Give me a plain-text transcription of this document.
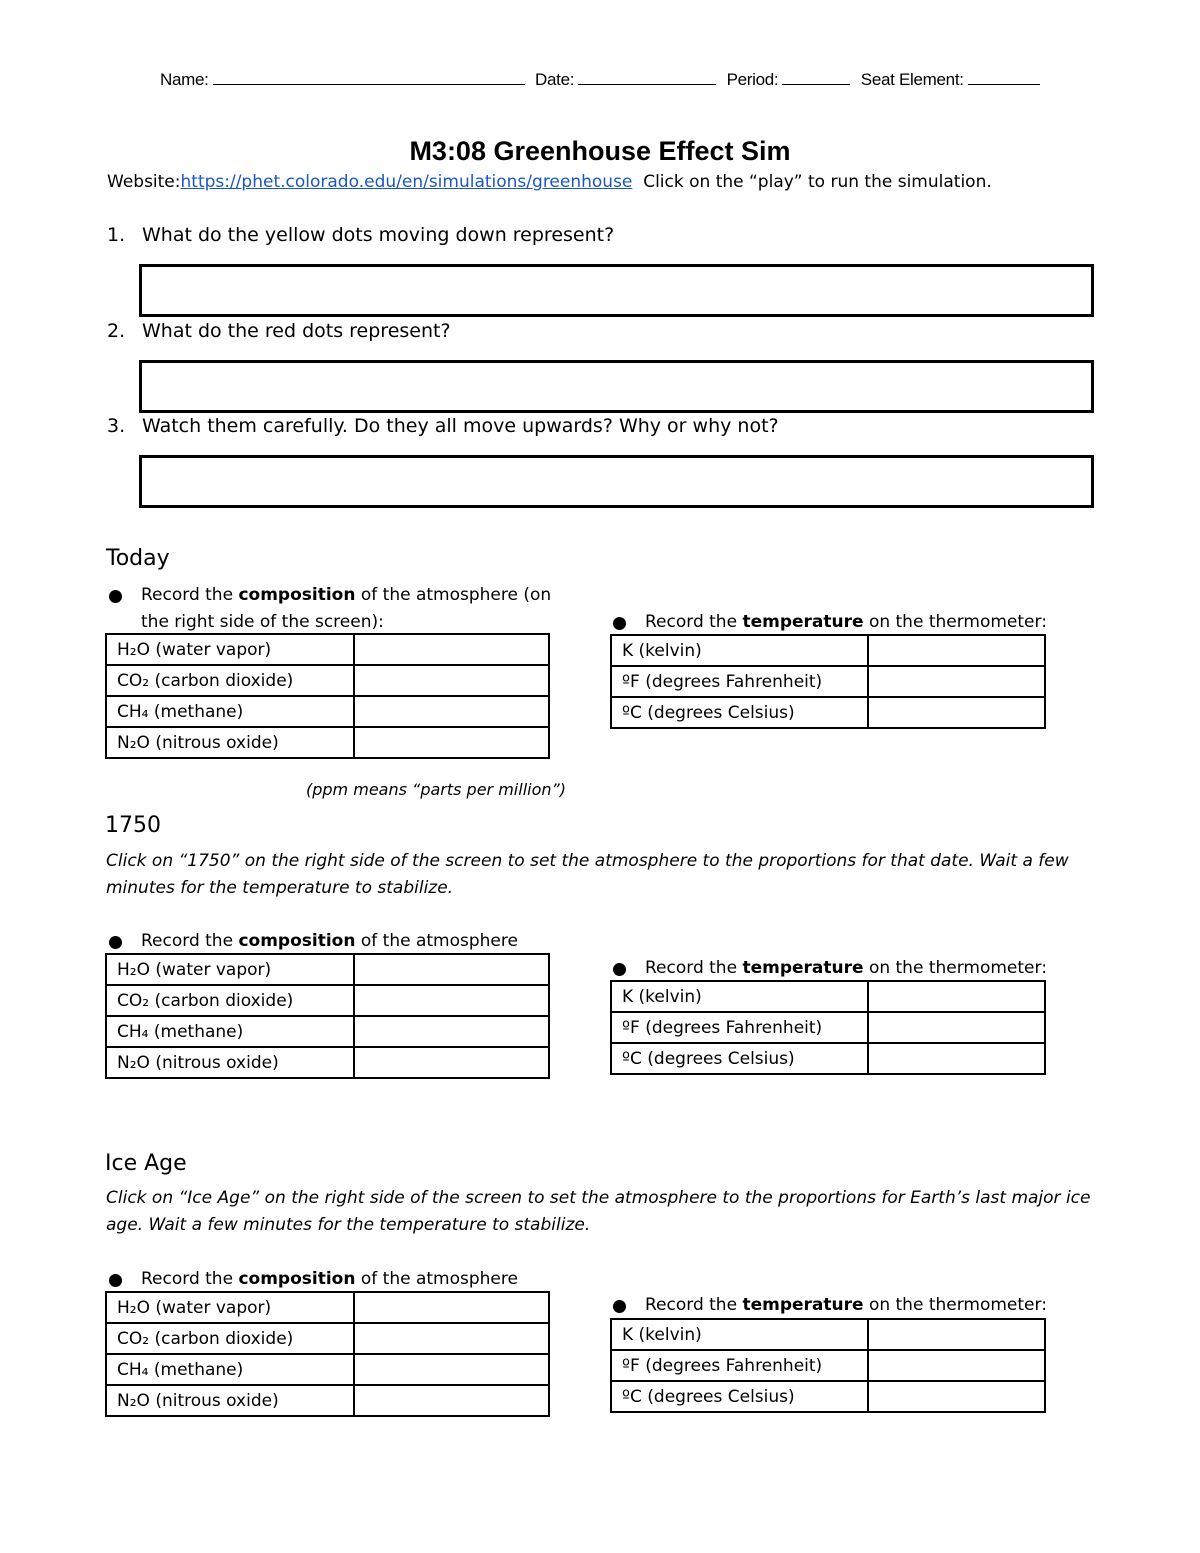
Name:	Date:	Period:	Seat Element:
M3:08 Greenhouse Effect Sim
Website:https://phet.colorado.edu/en/simulations/greenhouse Click on the “play” to run the simulation.
1. What do the yellow dots moving down represent?
2. What do the red dots represent?
3. Watch them carefully. Do they all move upwards? Why or why not?
Today
Record the composition of the atmosphere (on the right side of the screen):	Record the temperature on the thermometer:
H₂O (water vapor)	
CO₂ (carbon dioxide)	
CH₄ (methane)	
N₂O (nitrous oxide)	
K (kelvin)	
ºF (degrees Fahrenheit)	
ºC (degrees Celsius)	
(ppm means “parts per million”)
1750
Click on “1750” on the right side of the screen to set the atmosphere to the proportions for that date. Wait a few minutes for the temperature to stabilize.
Record the composition of the atmosphere
Record the temperature on the thermometer:
H₂O (water vapor)	
CO₂ (carbon dioxide)	
CH₄ (methane)	
N₂O (nitrous oxide)	
K (kelvin)	
ºF (degrees Fahrenheit)	
ºC (degrees Celsius)	
Ice Age
Click on “Ice Age” on the right side of the screen to set the atmosphere to the proportions for Earth’s last major ice age. Wait a few minutes for the temperature to stabilize.
Record the composition of the atmosphere
Record the temperature on the thermometer:
H₂O (water vapor)	
CO₂ (carbon dioxide)	
CH₄ (methane)	
N₂O (nitrous oxide)	
K (kelvin)	
ºF (degrees Fahrenheit)	
ºC (degrees Celsius)	
